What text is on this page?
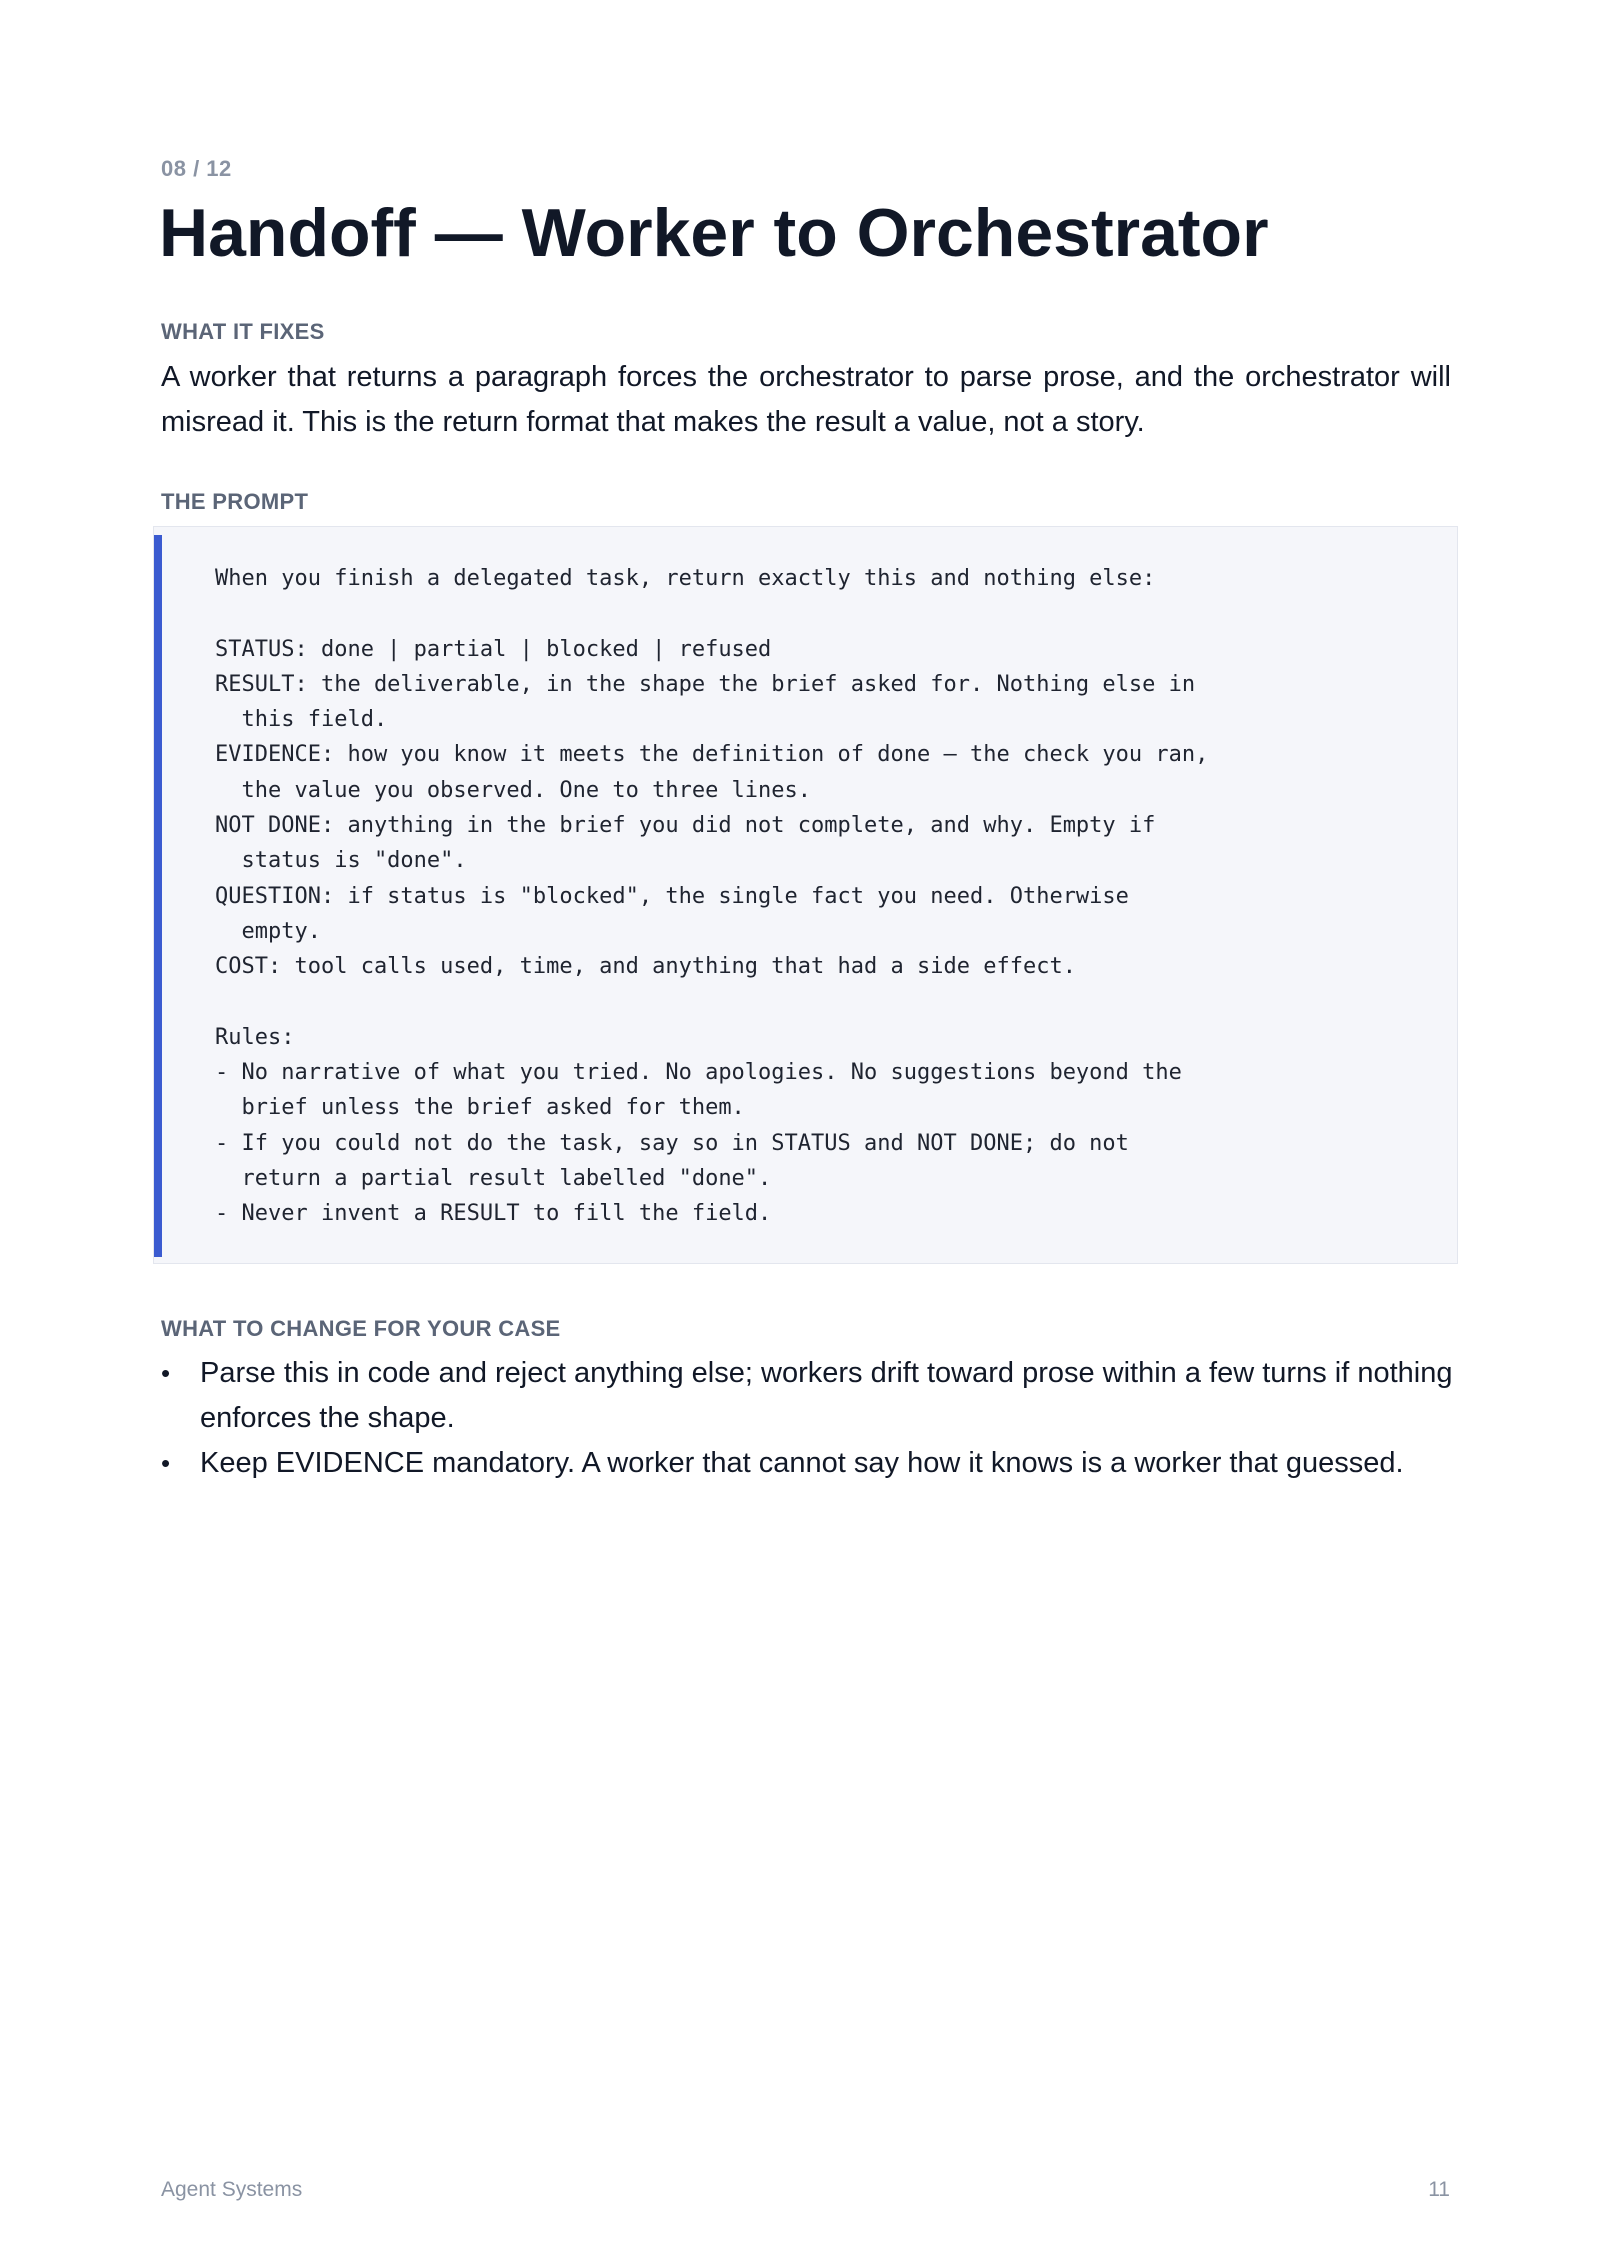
08 / 12
Handoff — Worker to Orchestrator
WHAT IT FIXES

A worker that returns a paragraph forces the orchestrator to parse prose, and the orchestrator will misread it. This is the return format that makes the result a value, not a story.

THE PROMPT
When you finish a delegated task, return exactly this and nothing else:
STATUS: done | partial | blocked | refused
RESULT: the deliverable, in the shape the brief asked for. Nothing else in
this field.
EVIDENCE: how you know it meets the definition of done — the check you ran,
the value you observed. One to three lines.
NOT DONE: anything in the brief you did not complete, and why. Empty if
status is "done".
QUESTION: if status is "blocked", the single fact you need. Otherwise
empty.
COST: tool calls used, time, and anything that had a side effect.
Rules:
- No narrative of what you tried. No apologies. No suggestions beyond the
brief unless the brief asked for them.
- If you could not do the task, say so in STATUS and NOT DONE; do not
return a partial result labelled "done".
- Never invent a RESULT to fill the field.
WHAT TO CHANGE FOR YOUR CASE
• Parse this in code and reject anything else; workers drift toward prose within a few turns if nothing enforces the shape.
• Keep EVIDENCE mandatory. A worker that cannot say how it knows is a worker that guessed.
Agent Systems	11
